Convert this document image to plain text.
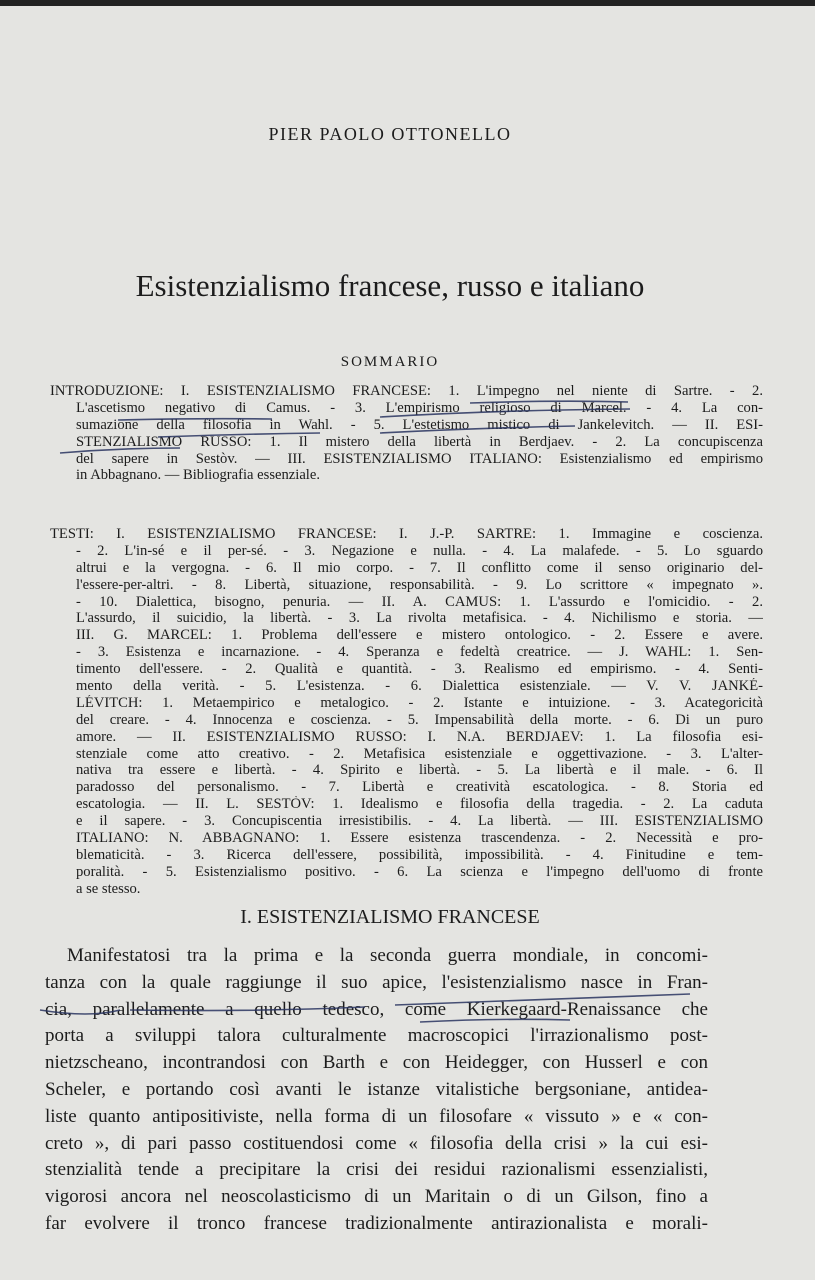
PIER PAOLO OTTONELLO
Esistenzialismo francese, russo e italiano
SOMMARIO
INTRODUZIONE: I. ESISTENZIALISMO FRANCESE: 1. L'impegno nel niente di Sartre. - 2.
L'ascetismo negativo di Camus. - 3. L'empirismo religioso di Marcel. - 4. La con-
sumazione della filosofia in Wahl. - 5. L'estetismo mistico di Jankelevitch. — II. ESI-
STENZIALISMO RUSSO: 1. Il mistero della libertà in Berdjaev. - 2. La concupiscenza
del sapere in Sestòv. — III. ESISTENZIALISMO ITALIANO: Esistenzialismo ed empirismo
in Abbagnano. — Bibliografia essenziale.
TESTI: I. ESISTENZIALISMO FRANCESE: I. J.-P. SARTRE: 1. Immagine e coscienza.
- 2. L'in-sé e il per-sé. - 3. Negazione e nulla. - 4. La malafede. - 5. Lo sguardo
altrui e la vergogna. - 6. Il mio corpo. - 7. Il conflitto come il senso originario del-
l'essere-per-altri. - 8. Libertà, situazione, responsabilità. - 9. Lo scrittore « impegnato ».
- 10. Dialettica, bisogno, penuria. — II. A. CAMUS: 1. L'assurdo e l'omicidio. - 2.
L'assurdo, il suicidio, la libertà. - 3. La rivolta metafisica. - 4. Nichilismo e storia. —
III. G. MARCEL: 1. Problema dell'essere e mistero ontologico. - 2. Essere e avere.
- 3. Esistenza e incarnazione. - 4. Speranza e fedeltà creatrice. — J. WAHL: 1. Sen-
timento dell'essere. - 2. Qualità e quantità. - 3. Realismo ed empirismo. - 4. Senti-
mento della verità. - 5. L'esistenza. - 6. Dialettica esistenziale. — V. V. JANKÉ-
LÉVITCH: 1. Metaempirico e metalogico. - 2. Istante e intuizione. - 3. Acategoricità
del creare. - 4. Innocenza e coscienza. - 5. Impensabilità della morte. - 6. Di un puro
amore. — II. ESISTENZIALISMO RUSSO: I. N.A. BERDJAEV: 1. La filosofia esi-
stenziale come atto creativo. - 2. Metafisica esistenziale e oggettivazione. - 3. L'alter-
nativa tra essere e libertà. - 4. Spirito e libertà. - 5. La libertà e il male. - 6. Il
paradosso del personalismo. - 7. Libertà e creatività escatologica. - 8. Storia ed
escatologia. — II. L. SESTÒV: 1. Idealismo e filosofia della tragedia. - 2. La caduta
e il sapere. - 3. Concupiscentia irresistibilis. - 4. La libertà. — III. ESISTENZIALISMO
ITALIANO: N. ABBAGNANO: 1. Essere esistenza trascendenza. - 2. Necessità e pro-
blematicità. - 3. Ricerca dell'essere, possibilità, impossibilità. - 4. Finitudine e tem-
poralità. - 5. Esistenzialismo positivo. - 6. La scienza e l'impegno dell'uomo di fronte
a se stesso.
I. ESISTENZIALISMO FRANCESE
Manifestatosi tra la prima e la seconda guerra mondiale, in concomi-
tanza con la quale raggiunge il suo apice, l'esistenzialismo nasce in Fran-
cia, parallelamente a quello tedesco, come Kierkegaard-Renaissance che
porta a sviluppi talora culturalmente macroscopici l'irrazionalismo post-
nietzscheano, incontrandosi con Barth e con Heidegger, con Husserl e con
Scheler, e portando così avanti le istanze vitalistiche bergsoniane, antidea-
liste quanto antipositiviste, nella forma di un filosofare « vissuto » e « con-
creto », di pari passo costituendosi come « filosofia della crisi » la cui esi-
stenzialità tende a precipitare la crisi dei residui razionalismi essenzialisti,
vigorosi ancora nel neoscolasticismo di un Maritain o di un Gilson, fino a
far evolvere il tronco francese tradizionalmente antirazionalista e morali-
